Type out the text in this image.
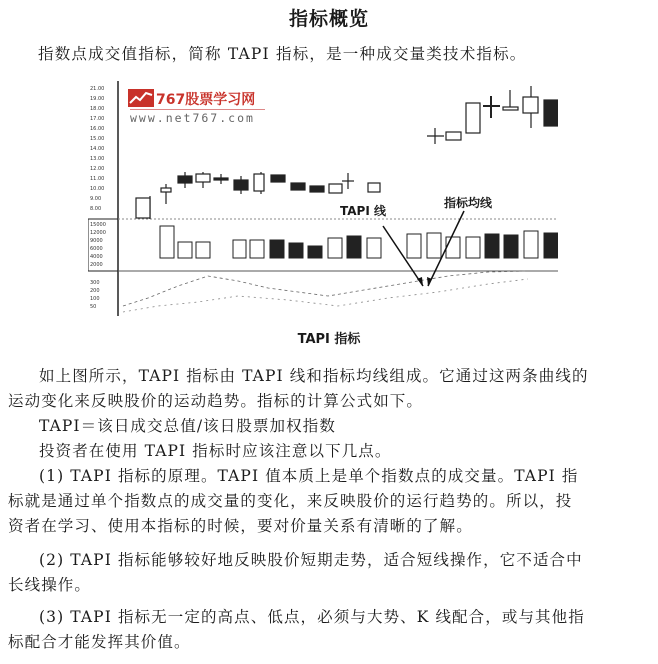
指标概览
指数点成交值指标，简称 TAPI 指标，是一种成交量类技术指标。
21.00
19.00
18.00
17.00
16.00
15.00
14.00
13.00
12.00
11.00
10.00
9.00
8.00
15000
12000
9000
6000
4000
2000
300
200
100
50
767股票学习网
www.net767.com
TAPI 线
指标均线
TAPI 指标
如上图所示，TAPI 指标由 TAPI 线和指标均线组成。它通过这两条曲线的
运动变化来反映股价的运动趋势。指标的计算公式如下。
TAPI＝该日成交总值/该日股票加权指数
投资者在使用 TAPI 指标时应该注意以下几点。
(1) TAPI 指标的原理。TAPI 值本质上是单个指数点的成交量。TAPI 指
标就是通过单个指数点的成交量的变化，来反映股价的运行趋势的。所以，投
资者在学习、使用本指标的时候，要对价量关系有清晰的了解。
(2) TAPI 指标能够较好地反映股价短期走势，适合短线操作，它不适合中
长线操作。
(3) TAPI 指标无一定的高点、低点，必须与大势、K 线配合，或与其他指
标配合才能发挥其价值。
